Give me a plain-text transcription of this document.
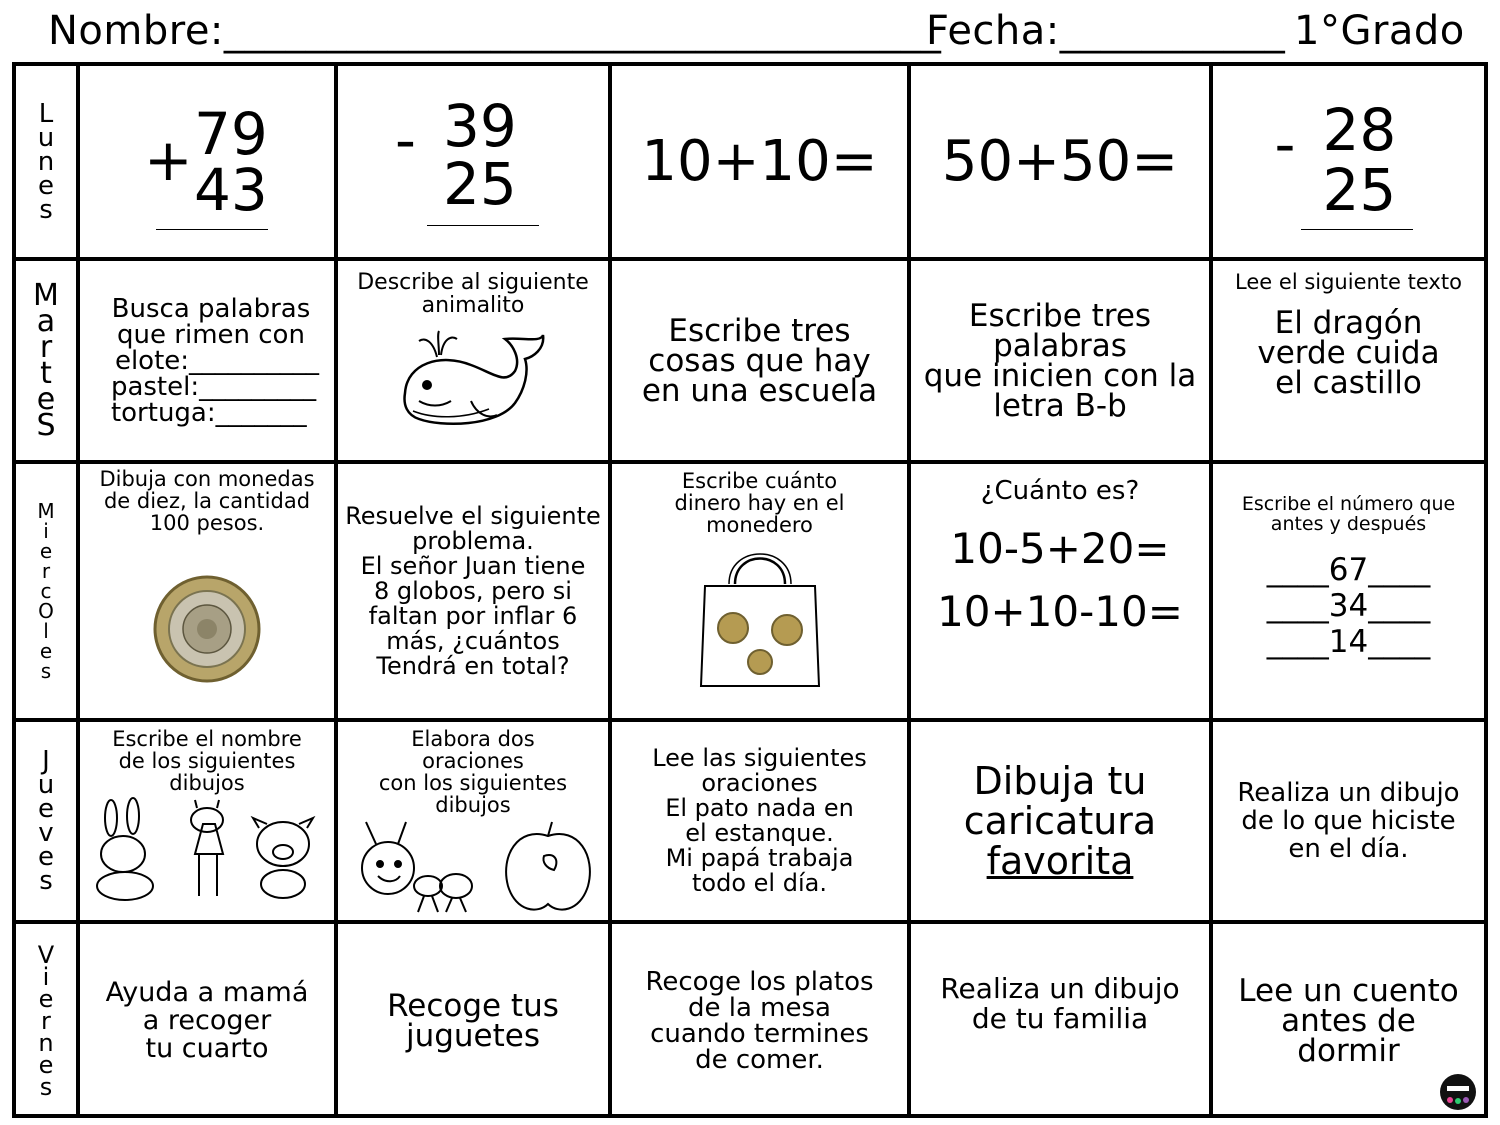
Nombre:___________________________________
Fecha:___________ 1°Grado
L
u
n
e
s
M
a
r
t
e
S
M
i
e
r
c
O
l
e
s
J
u
e
v
e
s
V
i
e
r
n
e
s
79
+ 43
39
-
25 10+10= 50+50= 28
-
25
Busca palabras
que rimen con
elote:__________
pastel:_________
tortuga:_______
Describe al siguiente
animalito
Escribe tres
cosas que hay
en una escuela
Escribe tres
palabras
que inicien con la
letra B-b
Lee el siguiente texto
El dragón
verde cuida
el castillo
Dibuja con monedas
de diez, la cantidad
100 pesos.	Resuelve el siguiente
problema.
El señor Juan tiene
8 globos, pero si
faltan por inflar 6
más, ¿cuántos
Tendrá en total?
Escribe cuánto
dinero hay en el
monedero
¿Cuánto es?
10-5+20=
10+10-10=
Escribe el número que
antes y después
____67____
____34____
____14____
Escribe el nombre
de los siguientes
dibujos
Elabora dos
oraciones
con los siguientes
dibujos
Lee las siguientes
oraciones
El pato nada en
el estanque.
Mi papá trabaja
todo el día.
Dibuja tu
caricatura
favorita
Realiza un dibujo
de lo que hiciste
en el día.
Ayuda a mamá
a recoger
tu cuarto
Recoge tus
juguetes
Recoge los platos
de la mesa
cuando termines
de comer.
Realiza un dibujo
de tu familia
Lee un cuento
antes de
dormir
